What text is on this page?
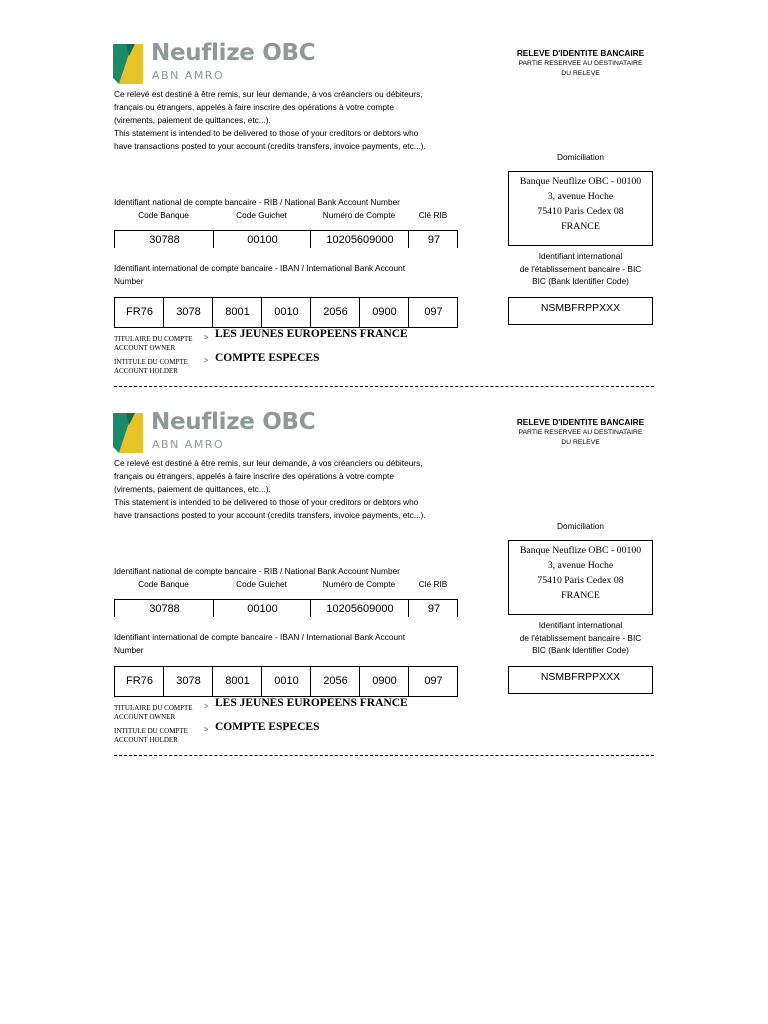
Neuflize OBC
ABN AMRO
Ce relevé est destiné à être remis, sur leur demande, à vos créanciers ou débiteurs,
français ou étrangers, appelés à faire inscrire des opérations à votre compte
(virements, paiement de quittances, etc...).
This statement is intended to be delivered to those of your creditors or debtors who
have transactions posted to your account (credits transfers, invoice payments, etc...).
RELEVE D'IDENTITE BANCAIRE
PARTIE RESERVEE AU DESTINATAIRE
DU RELEVE
Domiciliation
Banque Neuflize OBC - 00100
3, avenue Hoche
75410 Paris Cedex 08
FRANCE
Identifiant national de compte bancaire - RIB / National Bank Account Number
Code Banque	Code Guichet	Numéro de Compte	Clé RIB
30788	00100	10205609000	97
Identifiant international de compte bancaire - IBAN / International Bank Account
Number
FR76	3078	8001	0010	2056	0900	097
Identifiant international
de l'établissement bancaire - BIC
BIC (Bank Identifier Code)
NSMBFRPPXXX
TITULAIRE DU COMPTE
ACCOUNT OWNER
> LES JEUNES EUROPEENS FRANCE
INTITULE DU COMPTE
ACCOUNT HOLDER
> COMPTE ESPECES
Neuflize OBC
ABN AMRO
Ce relevé est destiné à être remis, sur leur demande, à vos créanciers ou débiteurs,
français ou étrangers, appelés à faire inscrire des opérations à votre compte
(virements, paiement de quittances, etc...).
This statement is intended to be delivered to those of your creditors or debtors who
have transactions posted to your account (credits transfers, invoice payments, etc...).
RELEVE D'IDENTITE BANCAIRE
PARTIE RESERVEE AU DESTINATAIRE
DU RELEVE
Domiciliation
Banque Neuflize OBC - 00100
3, avenue Hoche
75410 Paris Cedex 08
FRANCE
Identifiant national de compte bancaire - RIB / National Bank Account Number
Code Banque	Code Guichet	Numéro de Compte	Clé RIB
30788	00100	10205609000	97
Identifiant international de compte bancaire - IBAN / International Bank Account
Number
FR76	3078	8001	0010	2056	0900	097
Identifiant international
de l'établissement bancaire - BIC
BIC (Bank Identifier Code)
NSMBFRPPXXX
TITULAIRE DU COMPTE
ACCOUNT OWNER
> LES JEUNES EUROPEENS FRANCE
INTITULE DU COMPTE
ACCOUNT HOLDER
> COMPTE ESPECES
